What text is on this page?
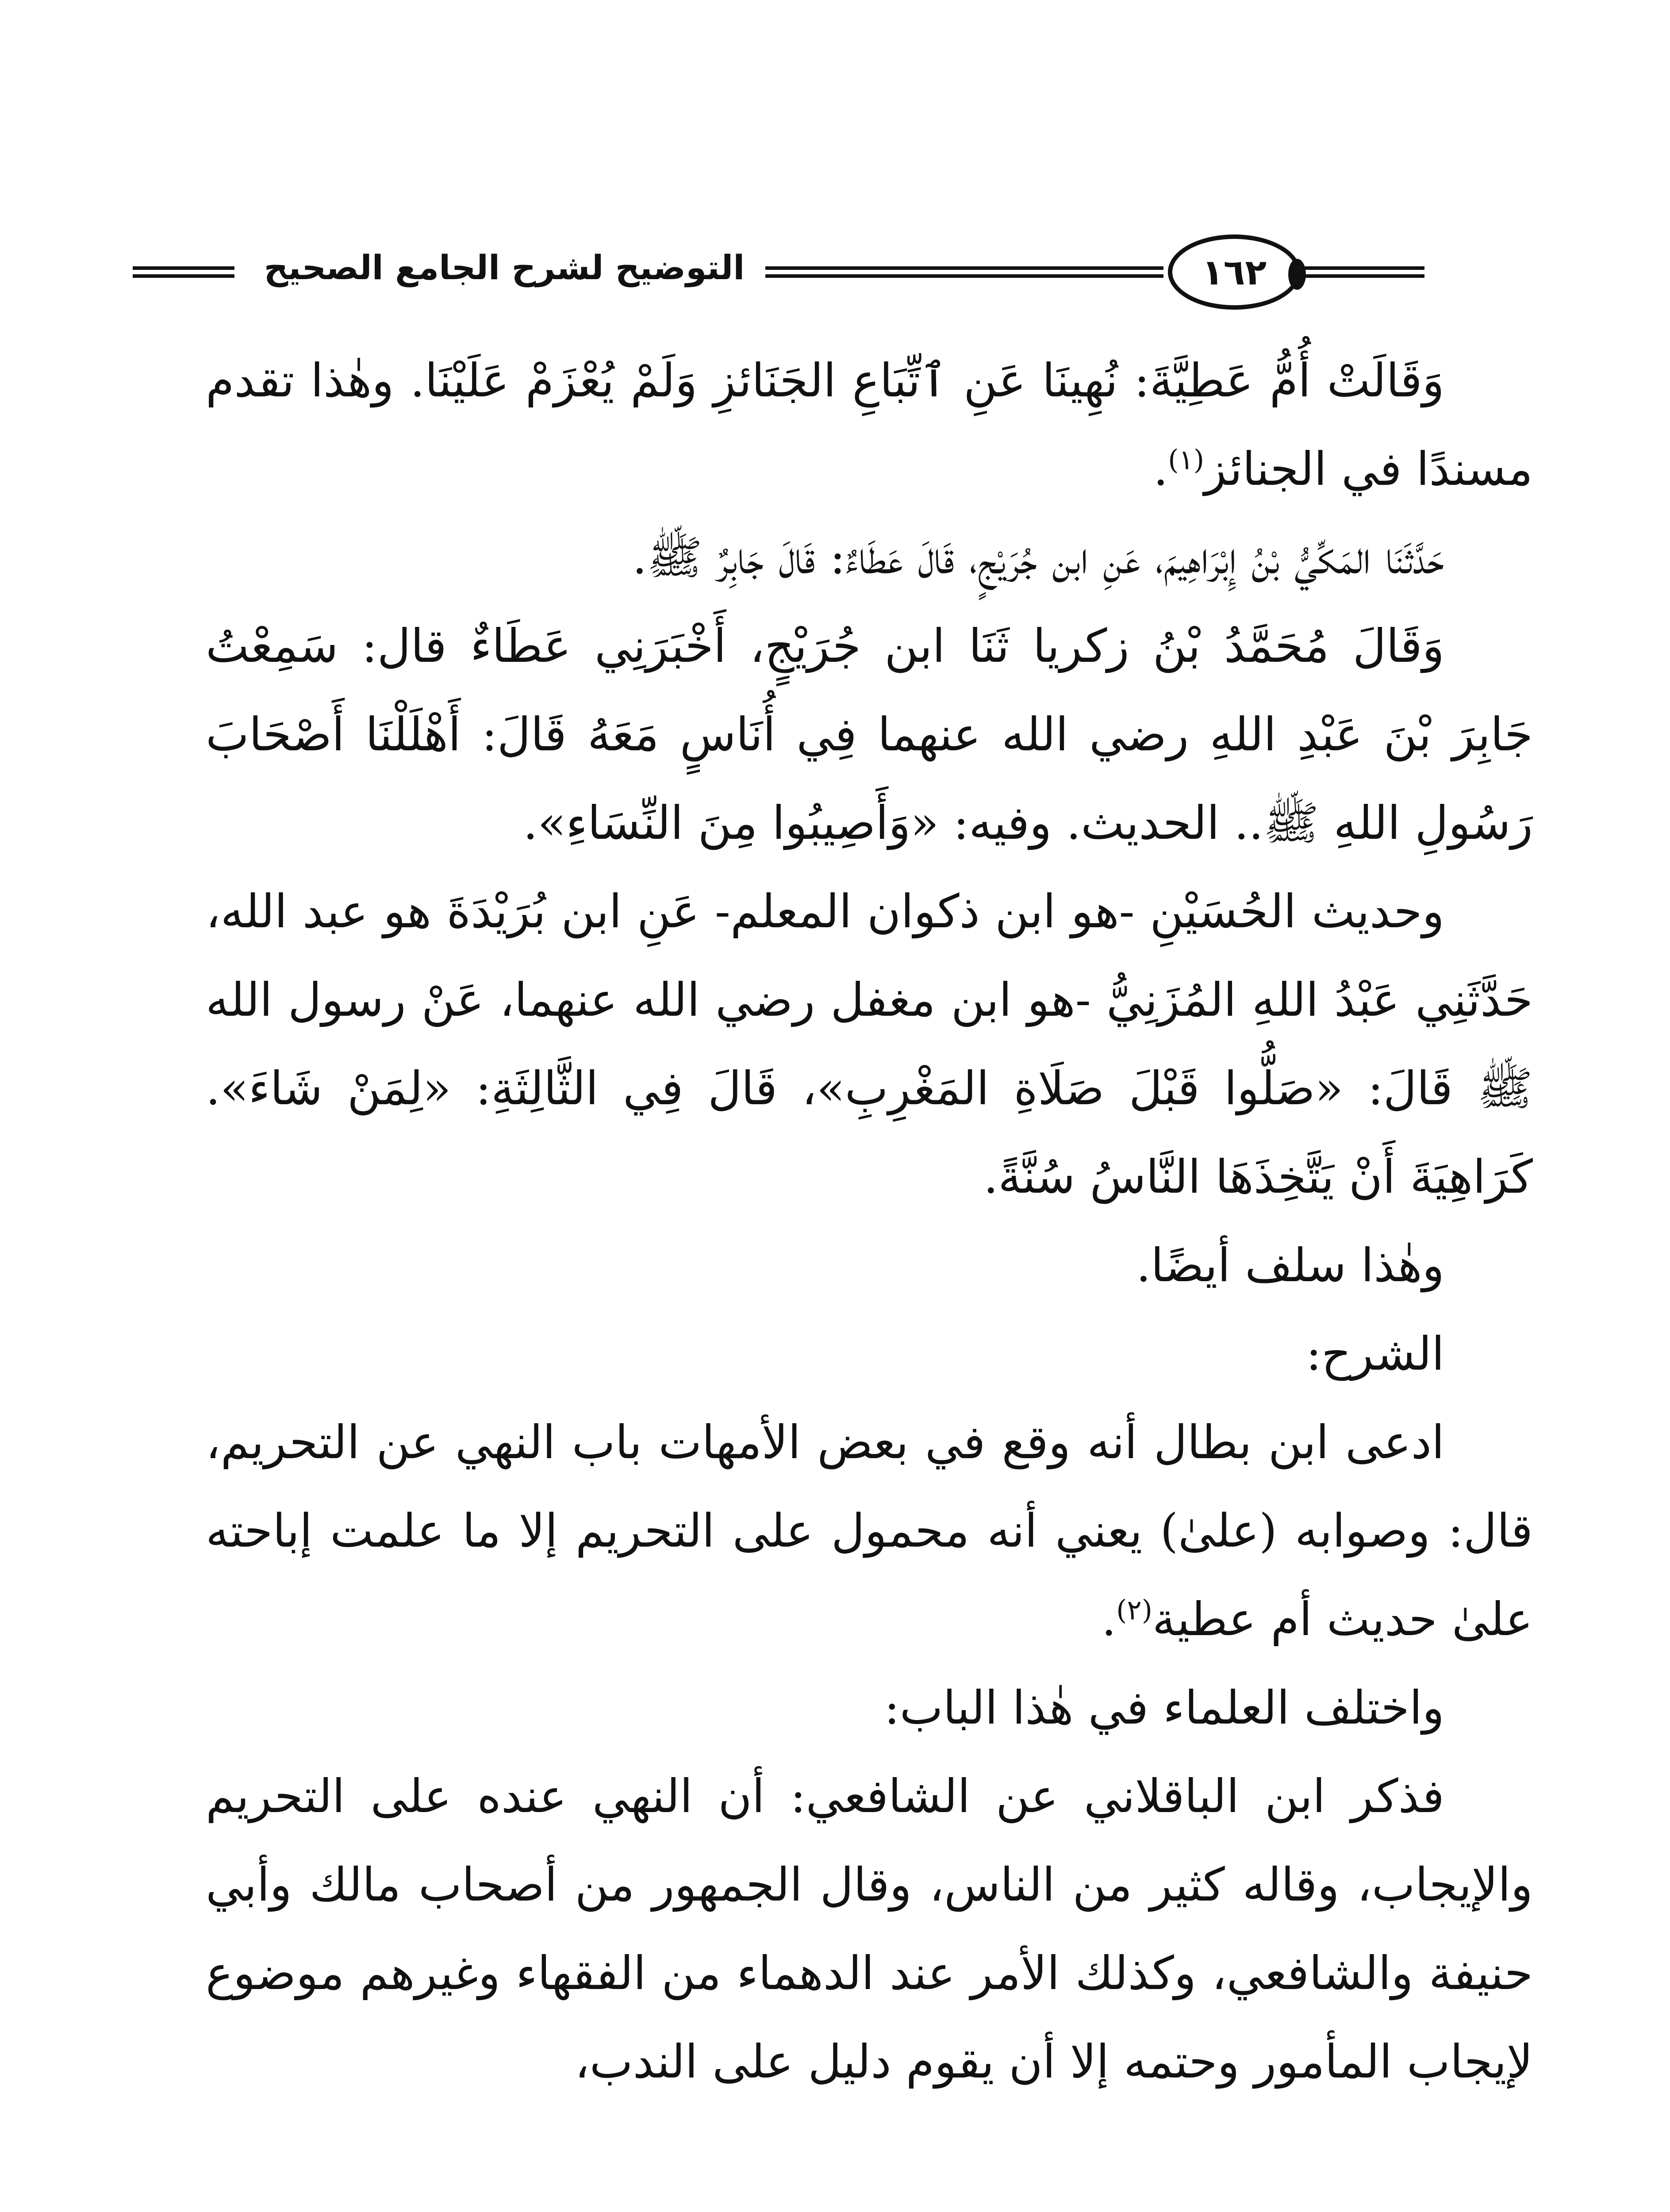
التوضيح لشرح الجامع الصحيح	١٦٢

وَقَالَتْ أُمُّ عَطِيَّةَ: نُهِينَا عَنِ ٱتِّبَاعِ الجَنَائزِ وَلَمْ يُعْزَمْ عَلَيْنَا. وهٰذا تقدم مسندًا في الجنائز$^{(١)}$.

حَدَّثَنَا المَكِّيُّ بْنُ إِبْرَاهِيمَ، عَنِ ابن جُرَيْجٍ، قَالَ عَطَاءٌ: قَالَ جَابِرٌ ﷺ.

وَقَالَ مُحَمَّدُ بْنُ زكريا ثَنَا ابن جُرَيْجٍ، أَخْبَرَنِي عَطَاءٌ قال: سَمِعْتُ جَابِرَ بْنَ عَبْدِ اللهِ رضي الله عنهما فِي أُنَاسٍ مَعَهُ قَالَ: أَهْلَلْنَا أَصْحَابَ رَسُولِ اللهِ ﷺ.. الحديث. وفيه: «وَأَصِيبُوا مِنَ النِّسَاءِ».

وحديث الحُسَيْنِ -هو ابن ذكوان المعلم- عَنِ ابن بُرَيْدَةَ هو عبد الله، حَدَّثَنِي عَبْدُ اللهِ المُزَنِيُّ -هو ابن مغفل رضي الله عنهما، عَنْ رسول الله ﷺ قَالَ: «صَلُّوا قَبْلَ صَلَاةِ المَغْرِبِ»، قَالَ فِي الثَّالِثَةِ: «لِمَنْ شَاءَ». كَرَاهِيَةَ أَنْ يَتَّخِذَهَا النَّاسُ سُنَّةً.

وهٰذا سلف أيضًا.

الشرح:

ادعى ابن بطال أنه وقع في بعض الأمهات باب النهي عن التحريم، قال: وصوابه (علىٰ) يعني أنه محمول على التحريم إلا ما علمت إباحته علىٰ حديث أم عطية$^{(٢)}$.

واختلف العلماء في هٰذا الباب:

فذكر ابن الباقلاني عن الشافعي: أن النهي عنده على التحريم والإيجاب، وقاله كثير من الناس، وقال الجمهور من أصحاب مالك وأبي حنيفة والشافعي، وكذلك الأمر عند الدهماء من الفقهاء وغيرهم موضوع لإيجاب المأمور وحتمه إلا أن يقوم دليل على الندب،
